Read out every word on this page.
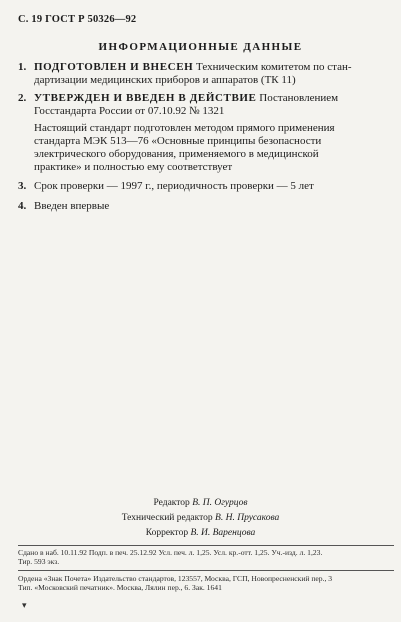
С. 19 ГОСТ Р 50326—92
ИНФОРМАЦИОННЫЕ ДАННЫЕ
1. ПОДГОТОВЛЕН И ВНЕСЕН Техническим комитетом по стан-
дартизации медицинских приборов и аппаратов (ТК 11)
2. УТВЕРЖДЕН И ВВЕДЕН В ДЕЙСТВИЕ Постановлением
Госстандарта России от 07.10.92 № 1321
Настоящий стандарт подготовлен методом прямого применения
стандарта МЭК 513—76 «Основные принципы безопасности
электрического оборудования, применяемого в медицинской
практике» и полностью ему соответствует
3. Срок проверки — 1997 г., периодичность проверки — 5 лет
4. Введен впервые
Редактор В. П. Огурцов
Технический редактор В. Н. Прусакова
Корректор В. И. Варенцова
Сдано в наб. 10.11.92 Подп. в печ. 25.12.92 Усл. печ. л. 1,25. Усл. кр.-отт. 1,25. Уч.-изд. л. 1,23.
Тир. 593 экз.
Ордена «Знак Почета» Издательство стандартов, 123557, Москва, ГСП, Новопресненский пер., 3
Тип. «Московский печатник». Москва, Лялин пер., 6. Зак. 1641
▾
